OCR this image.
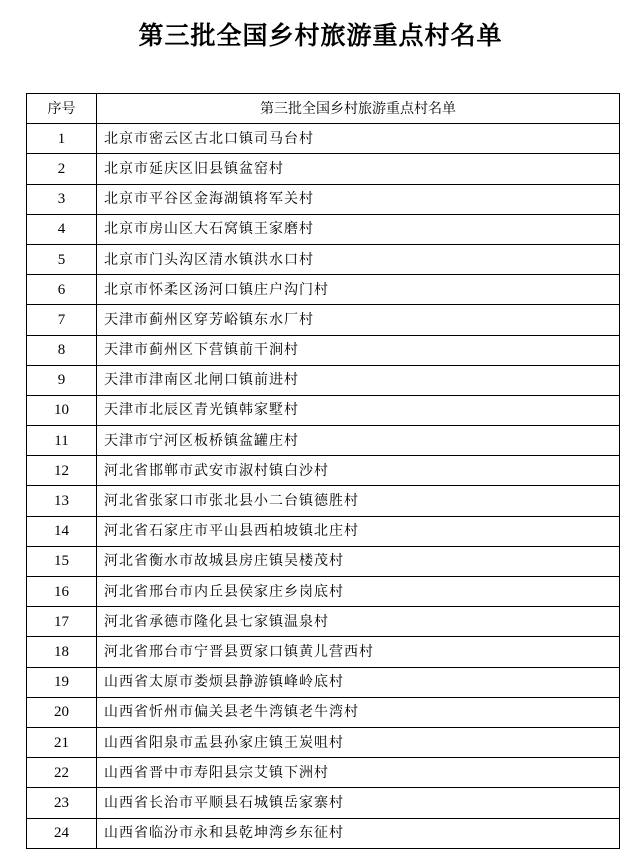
第三批全国乡村旅游重点村名单
序号	第三批全国乡村旅游重点村名单
1	北京市密云区古北口镇司马台村
2	北京市延庆区旧县镇盆窑村
3	北京市平谷区金海湖镇将军关村
4	北京市房山区大石窝镇王家磨村
5	北京市门头沟区清水镇洪水口村
6	北京市怀柔区汤河口镇庄户沟门村
7	天津市蓟州区穿芳峪镇东水厂村
8	天津市蓟州区下营镇前干涧村
9	天津市津南区北闸口镇前进村
10	天津市北辰区青光镇韩家墅村
11	天津市宁河区板桥镇盆罐庄村
12	河北省邯郸市武安市淑村镇白沙村
13	河北省张家口市张北县小二台镇德胜村
14	河北省石家庄市平山县西柏坡镇北庄村
15	河北省衡水市故城县房庄镇吴楼茂村
16	河北省邢台市内丘县侯家庄乡岗底村
17	河北省承德市隆化县七家镇温泉村
18	河北省邢台市宁晋县贾家口镇黄儿营西村
19	山西省太原市娄烦县静游镇峰岭底村
20	山西省忻州市偏关县老牛湾镇老牛湾村
21	山西省阳泉市盂县孙家庄镇王炭咀村
22	山西省晋中市寿阳县宗艾镇下洲村
23	山西省长治市平顺县石城镇岳家寨村
24	山西省临汾市永和县乾坤湾乡东征村
